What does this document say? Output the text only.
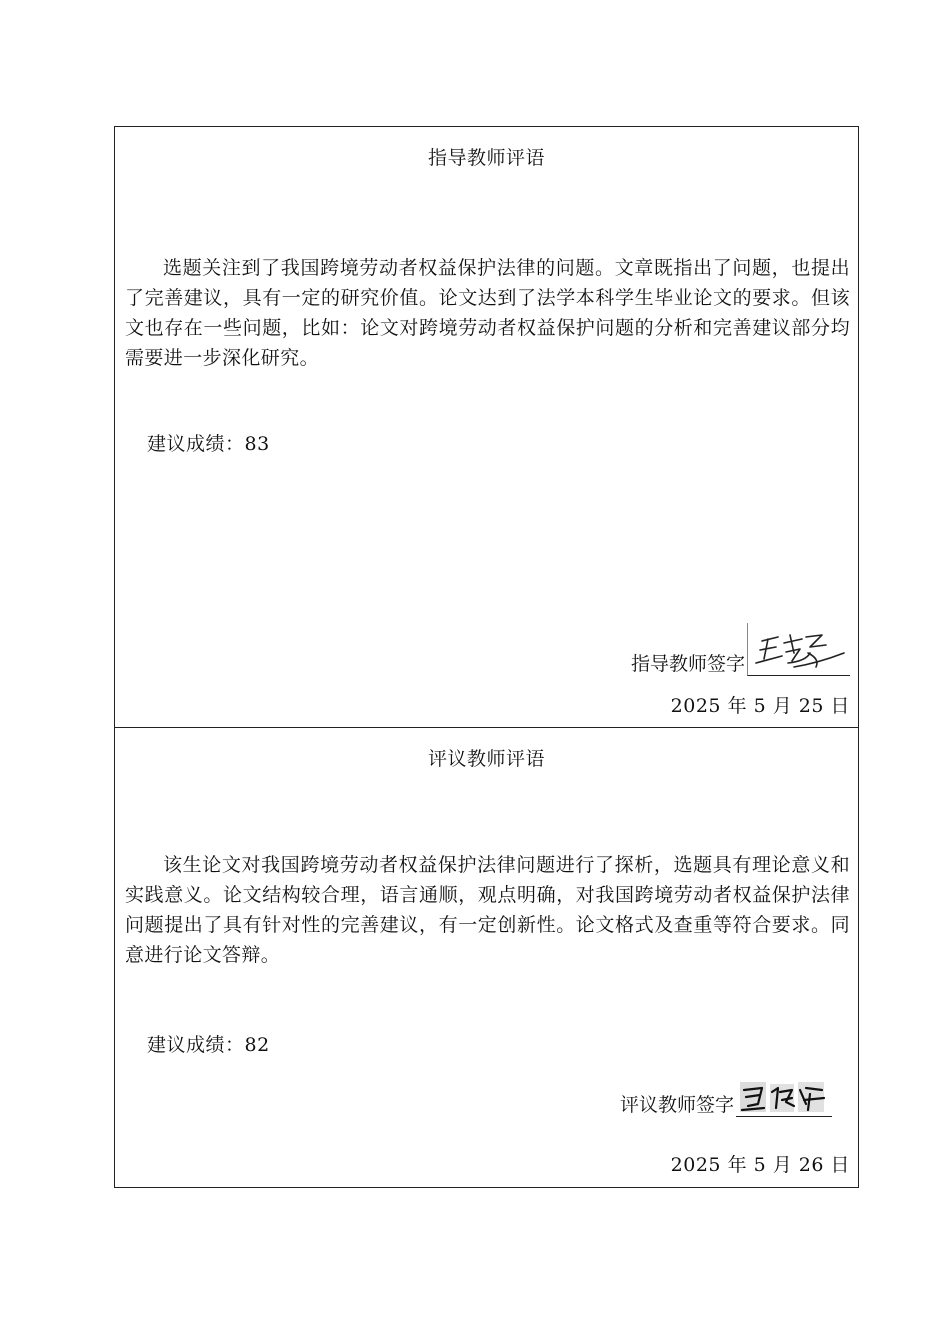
指导教师评语
选题关注到了我国跨境劳动者权益保护法律的问题。文章既指出了问题，也提出了完善建议，具有一定的研究价值。论文达到了法学本科学生毕业论文的要求。但该文也存在一些问题，比如：论文对跨境劳动者权益保护问题的分析和完善建议部分均需要进一步深化研究。
建议成绩：83
指导教师签字
2025 年 5 月 25 日
评议教师评语
该生论文对我国跨境劳动者权益保护法律问题进行了探析，选题具有理论意义和实践意义。论文结构较合理，语言通顺，观点明确，对我国跨境劳动者权益保护法律问题提出了具有针对性的完善建议，有一定创新性。论文格式及查重等符合要求。同意进行论文答辩。
建议成绩：82
评议教师签字
2025 年 5 月 26 日
